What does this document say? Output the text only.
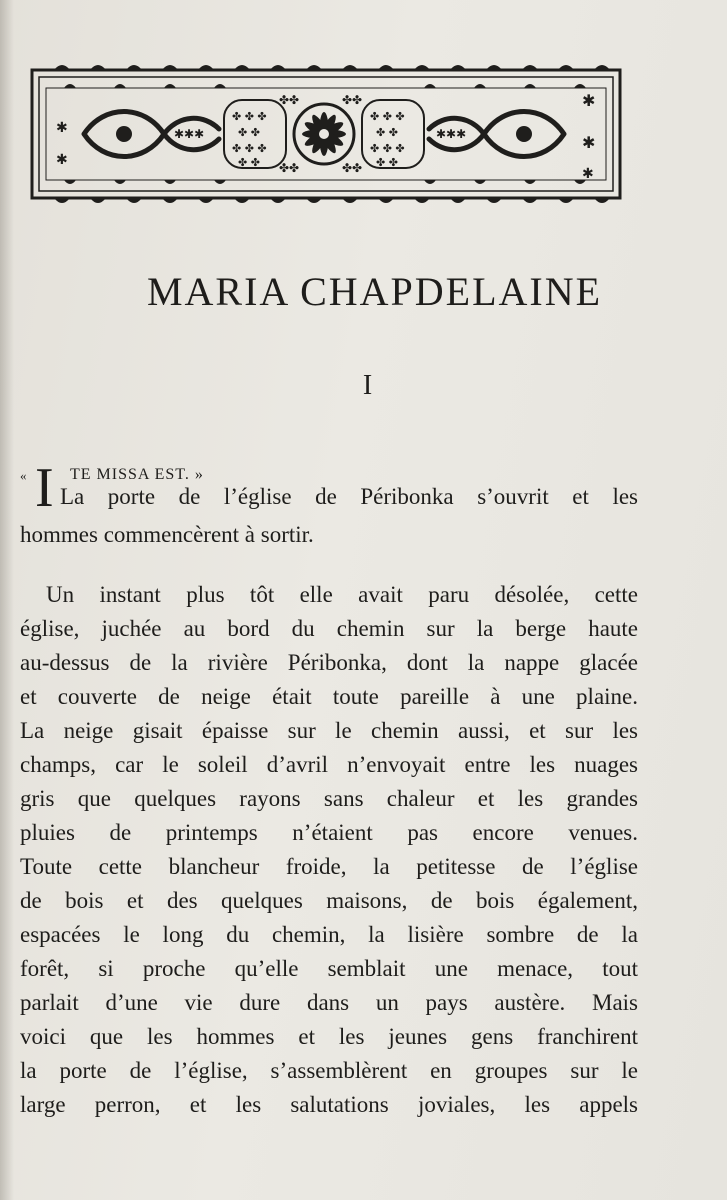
✱
✱
✱
✱
✱
✤ ✤ ✤
✤ ✤
✤ ✤ ✤
✤ ✤
✤ ✤ ✤
✤ ✤
✤ ✤ ✤
✤ ✤
✱✱✱	✱✱✱
✤✤	✤✤
✤✤	✤✤
MARIA CHAPDELAINE
I
« I TE MISSA EST. »
La porte de l’église de Péribonka s’ouvrit et les
hommes commencèrent à sortir.
Un instant plus tôt elle avait paru désolée, cette
église, juchée au bord du chemin sur la berge haute
au-dessus de la rivière Péribonka, dont la nappe glacée
et couverte de neige était toute pareille à une plaine.
La neige gisait épaisse sur le chemin aussi, et sur les
champs, car le soleil d’avril n’envoyait entre les nuages
gris que quelques rayons sans chaleur et les grandes
pluies de printemps n’étaient pas encore venues.
Toute cette blancheur froide, la petitesse de l’église
de bois et des quelques maisons, de bois également,
espacées le long du chemin, la lisière sombre de la
forêt, si proche qu’elle semblait une menace, tout
parlait d’une vie dure dans un pays austère. Mais
voici que les hommes et les jeunes gens franchirent
la porte de l’église, s’assemblèrent en groupes sur le
large perron, et les salutations joviales, les appels
